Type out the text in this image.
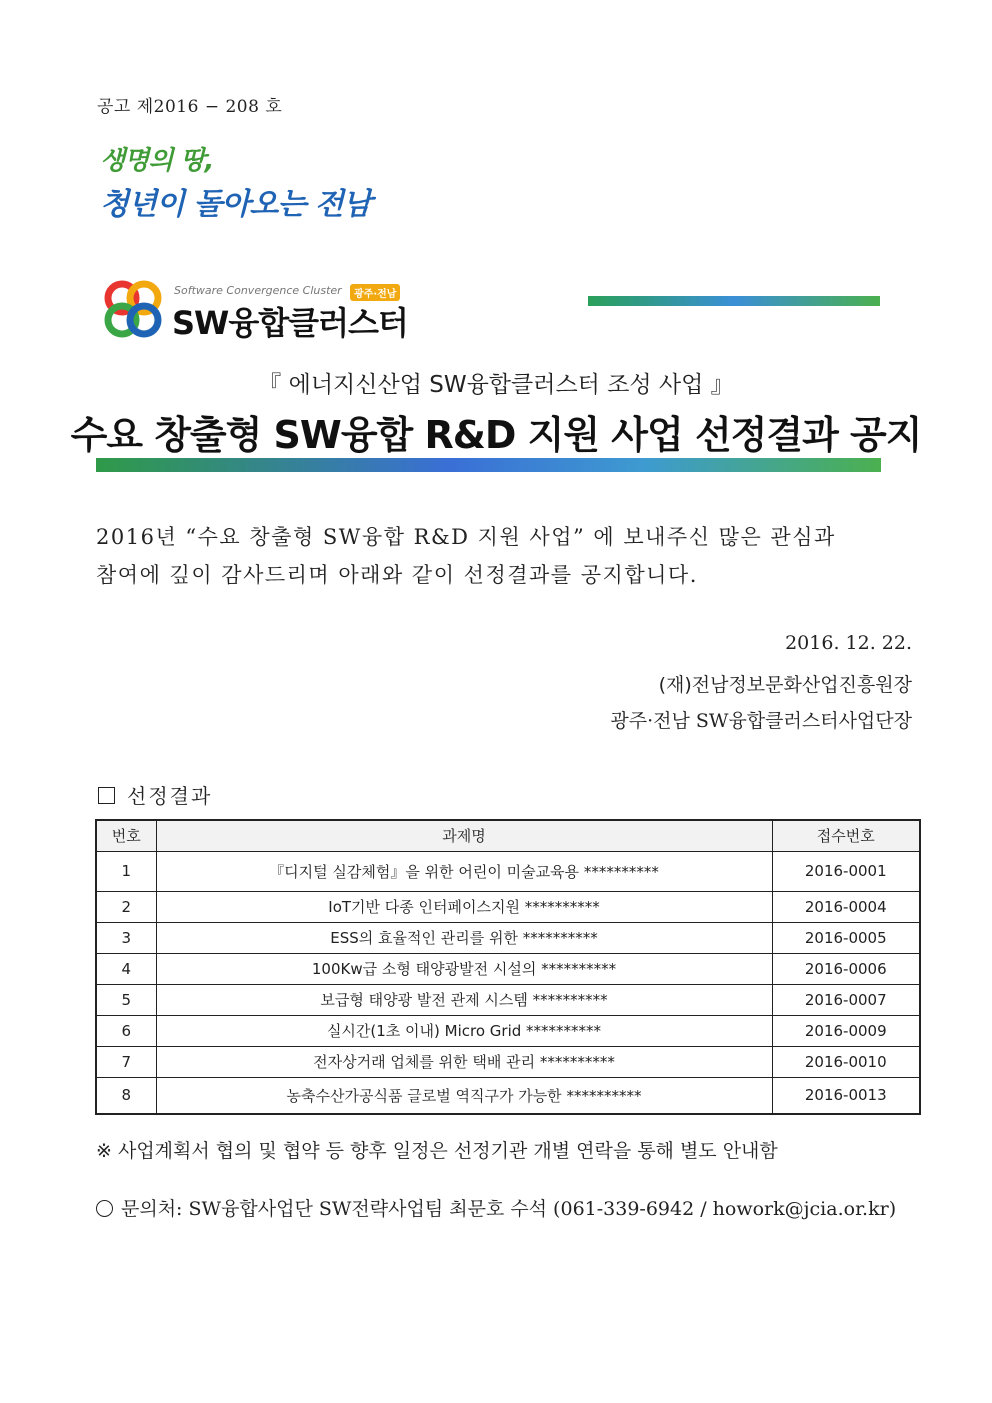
공고 제2016 − 208 호
생명의 땅,
청년이 돌아오는 전남
Software Convergence Cluster	광주·전남
SW융합클러스터
『 에너지신산업 SW융합클러스터 조성 사업 』
수요 창출형 SW융합 R&D 지원 사업 선정결과 공지
2016년 “수요 창출형 SW융합 R&D 지원 사업” 에 보내주신 많은 관심과
참여에 깊이 감사드리며 아래와 같이 선정결과를 공지합니다.
2016. 12. 22.
(재)전남정보문화산업진흥원장
광주·전남 SW융합클러스터사업단장
선정결과
번호	과제명	접수번호
1	『디지털 실감체험』을 위한 어린이 미술교육용 **********	2016-0001
2	IoT기반 다종 인터페이스지원 **********	2016-0004
3	ESS의 효율적인 관리를 위한 **********	2016-0005
4	100Kw급 소형 태양광발전 시설의 **********	2016-0006
5	보급형 태양광 발전 관제 시스템 **********	2016-0007
6	실시간(1초 이내) Micro Grid **********	2016-0009
7	전자상거래 업체를 위한 택배 관리 **********	2016-0010
8	농축수산가공식품 글로벌 역직구가 가능한 **********	2016-0013
※ 사업계획서 협의 및 협약 등 향후 일정은 선정기관 개별 연락을 통해 별도 안내함
문의처: SW융합사업단 SW전략사업팀 최문호 수석 (061-339-6942 / howork@jcia.or.kr)
